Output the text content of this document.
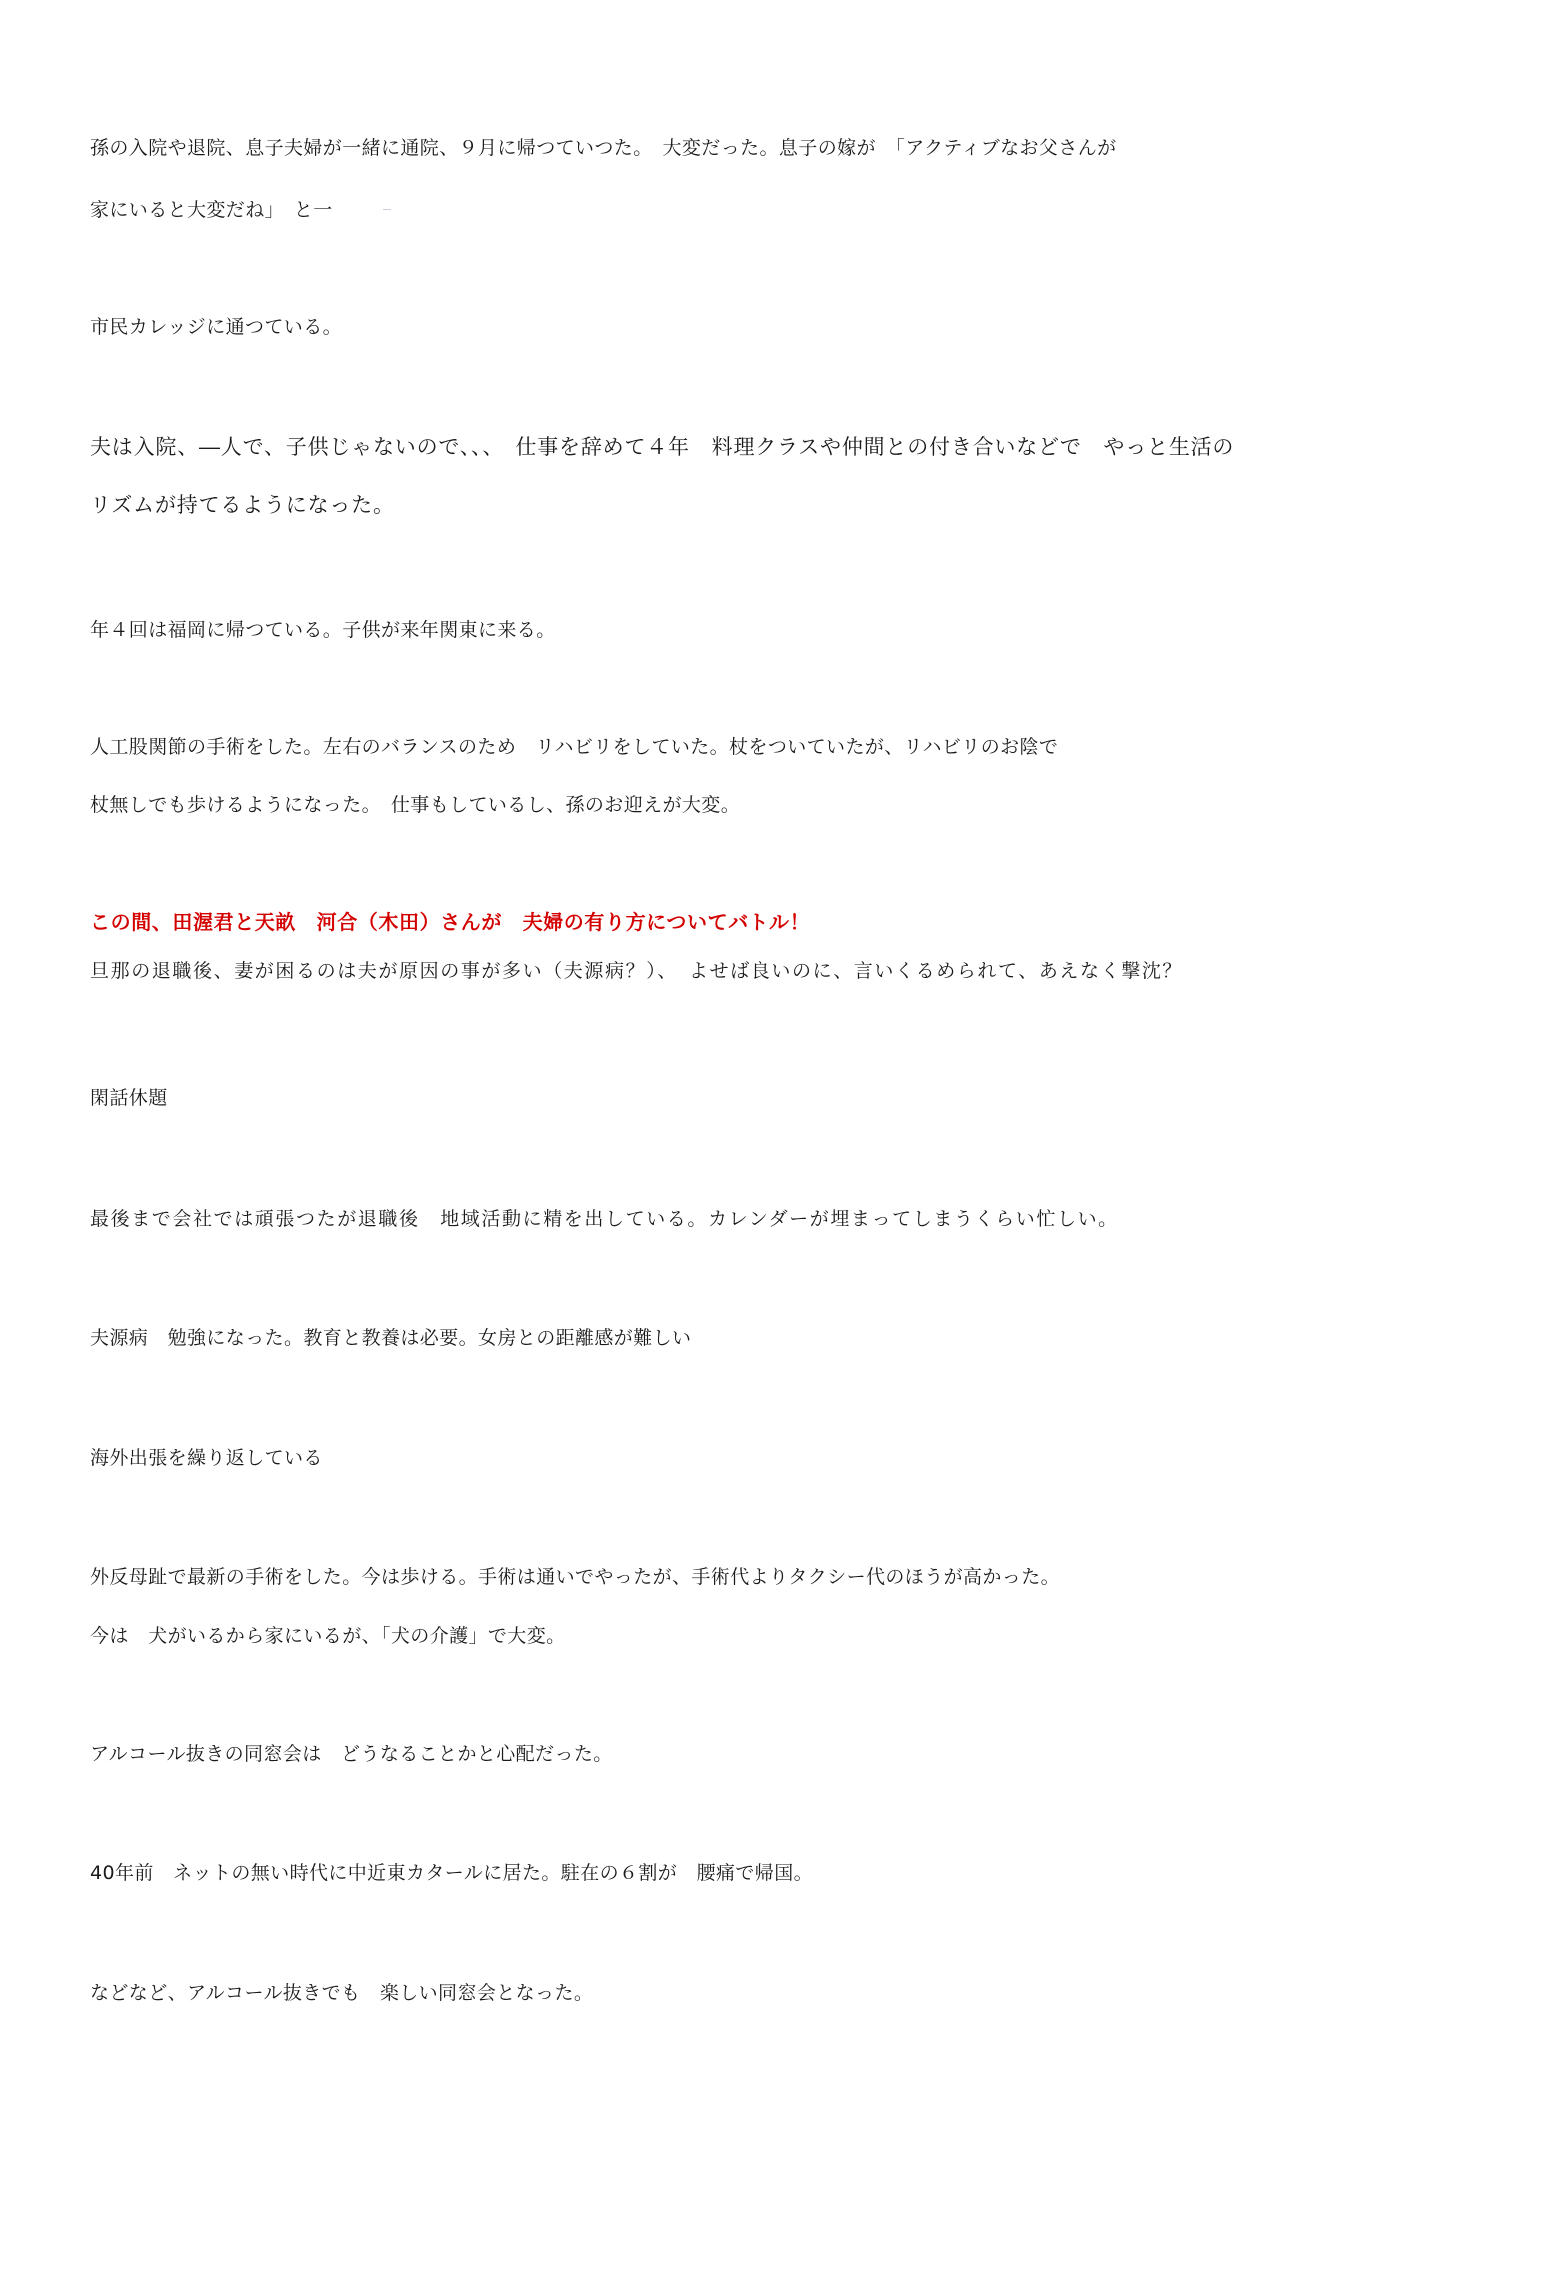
孫の入院や退院、息子夫婦が一緒に通院、９月に帰つていつた。　大変だった。息子の嫁が　「アクティブなお父さんが
家にいると大変だね」　と一
市民カレッジに通つている。
夫は入院、―人で、子供じゃないので、、、　仕事を辞めて４年　料理クラスや仲間との付き合いなどで　やっと生活の
リズムが持てるようになった。
年４回は福岡に帰つている。子供が来年関東に来る。
人工股関節の手術をした。左右のバランスのため　リハビリをしていた。杖をついていたが、リハビリのお陰で
杖無しでも歩けるようになった。　仕事もしているし、孫のお迎えが大変。
この間、田渥君と天畝　河合（木田）さんが　夫婦の有り方についてバトル！
旦那の退職後、妻が困るのは夫が原因の事が多い（夫源病？）、　よせば良いのに、言いくるめられて、あえなく撃沈？
閑話休題
最後まで会社では頑張つたが退職後　地域活動に精を出している。カレンダーが埋まってしまうくらい忙しい。
夫源病　勉強になった。教育と教養は必要。女房との距離感が難しい
海外出張を繰り返している
外反母趾で最新の手術をした。今は歩ける。手術は通いでやったが、手術代よりタクシー代のほうが高かった。
今は　犬がいるから家にいるが、「犬の介護」で大変。
アルコール抜きの同窓会は　どうなることかと心配だった。
40年前　ネットの無い時代に中近東カタールに居た。駐在の６割が　腰痛で帰国。
などなど、アルコール抜きでも　楽しい同窓会となった。
